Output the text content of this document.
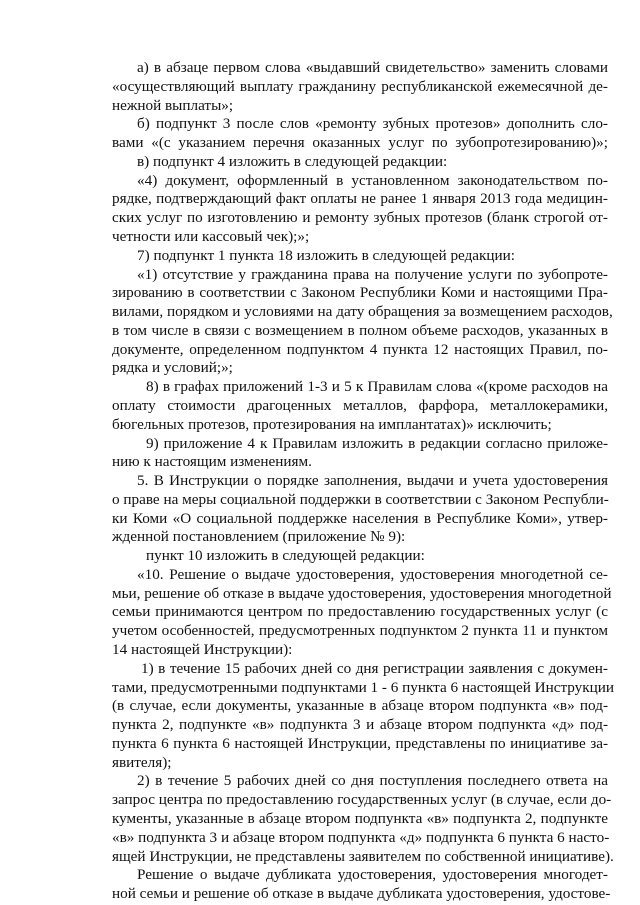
а) в абзаце первом слова «выдавший свидетельство» заменить словами
«осуществляющий выплату гражданину республиканской ежемесячной де-
нежной выплаты»;
б) подпункт 3 после слов «ремонту зубных протезов» дополнить сло-
вами «(с указанием перечня оказанных услуг по зубопротезированию)»;
в) подпункт 4 изложить в следующей редакции:
«4) документ, оформленный в установленном законодательством по-
рядке, подтверждающий факт оплаты не ранее 1 января 2013 года медицин-
ских услуг по изготовлению и ремонту зубных протезов (бланк строгой от-
четности или кассовый чек);»;
7) подпункт 1 пункта 18 изложить в следующей редакции:
«1) отсутствие у гражданина права на получение услуги по зубопроте-
зированию в соответствии с Законом Республики Коми и настоящими Пра-
вилами, порядком и условиями на дату обращения за возмещением расходов,
в том числе в связи с возмещением в полном объеме расходов, указанных в
документе, определенном подпунктом 4 пункта 12 настоящих Правил, по-
рядка и условий;»;
8) в графах приложений 1-3 и 5 к Правилам слова «(кроме расходов на
оплату стоимости драгоценных металлов, фарфора, металлокерамики,
бюгельных протезов, протезирования на имплантатах)» исключить;
9) приложение 4 к Правилам изложить в редакции согласно приложе-
нию к настоящим изменениям.
5. В Инструкции о порядке заполнения, выдачи и учета удостоверения
о праве на меры социальной поддержки в соответствии с Законом Республи-
ки Коми «О социальной поддержке населения в Республике Коми», утвер-
жденной постановлением (приложение № 9):
пункт 10 изложить в следующей редакции:
«10. Решение о выдаче удостоверения, удостоверения многодетной се-
мьи, решение об отказе в выдаче удостоверения, удостоверения многодетной
семьи принимаются центром по предоставлению государственных услуг (с
учетом особенностей, предусмотренных подпунктом 2 пункта 11 и пунктом
14 настоящей Инструкции):
1) в течение 15 рабочих дней со дня регистрации заявления с докумен-
тами, предусмотренными подпунктами 1 - 6 пункта 6 настоящей Инструкции
(в случае, если документы, указанные в абзаце втором подпункта «в» под-
пункта 2, подпункте «в» подпункта 3 и абзаце втором подпункта «д» под-
пункта 6 пункта 6 настоящей Инструкции, представлены по инициативе за-
явителя);
2) в течение 5 рабочих дней со дня поступления последнего ответа на
запрос центра по предоставлению государственных услуг (в случае, если до-
кументы, указанные в абзаце втором подпункта «в» подпункта 2, подпункте
«в» подпункта 3 и абзаце втором подпункта «д» подпункта 6 пункта 6 насто-
ящей Инструкции, не представлены заявителем по собственной инициативе).
Решение о выдаче дубликата удостоверения, удостоверения многодет-
ной семьи и решение об отказе в выдаче дубликата удостоверения, удостове-
